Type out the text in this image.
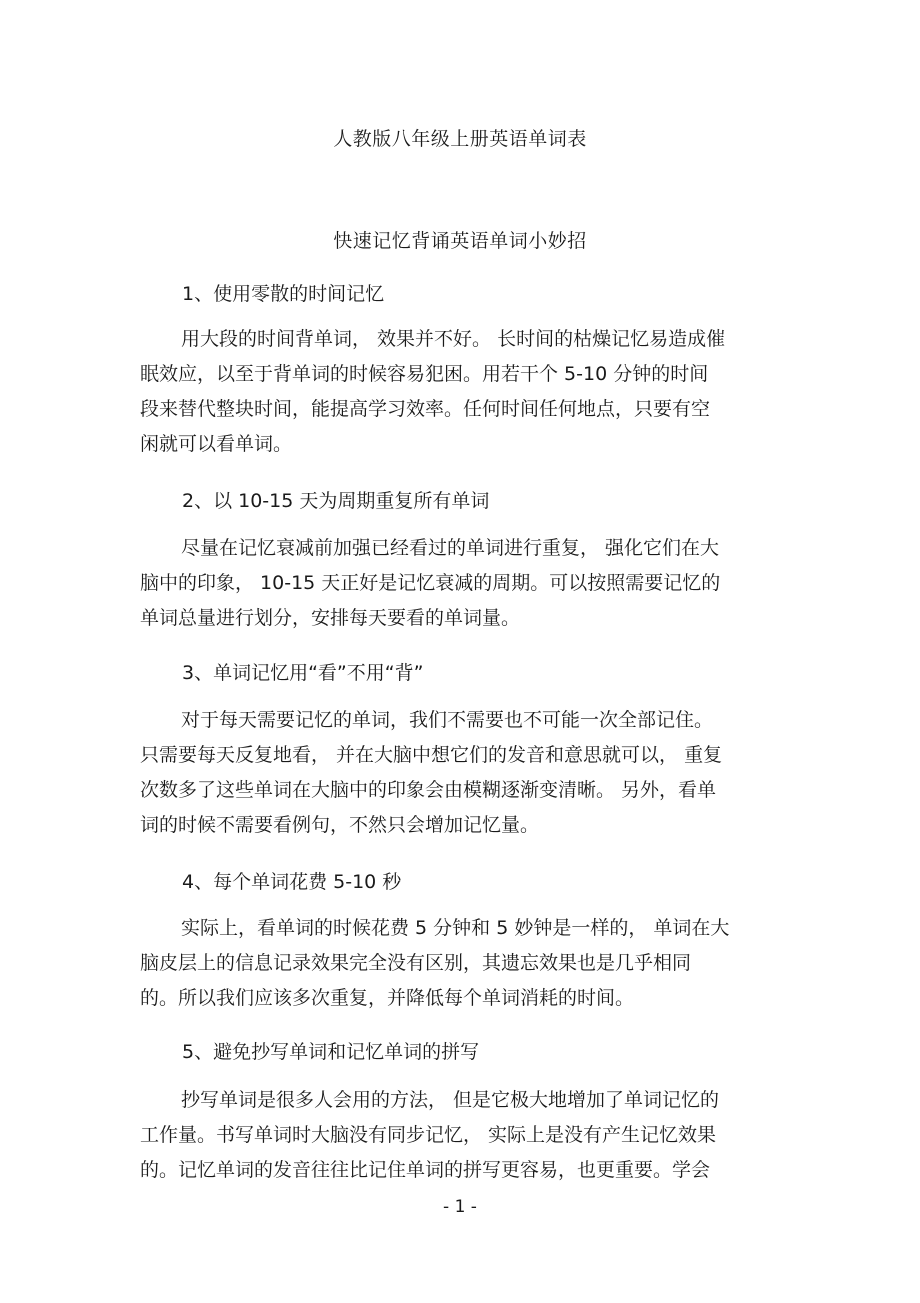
人教版八年级上册英语单词表
快速记忆背诵英语单词小妙招
1、使用零散的时间记忆
用大段的时间背单词， 效果并不好。 长时间的枯燥记忆易造成催
眠效应，以至于背单词的时候容易犯困。用若干个 5-10 分钟的时间
段来替代整块时间，能提高学习效率。任何时间任何地点，只要有空
闲就可以看单词。
2、以 10-15 天为周期重复所有单词
尽量在记忆衰减前加强已经看过的单词进行重复， 强化它们在大
脑中的印象， 10-15 天正好是记忆衰减的周期。可以按照需要记忆的
单词总量进行划分，安排每天要看的单词量。
3、单词记忆用“看”不用“背”
对于每天需要记忆的单词，我们不需要也不可能一次全部记住。
只需要每天反复地看， 并在大脑中想它们的发音和意思就可以， 重复
次数多了这些单词在大脑中的印象会由模糊逐渐变清晰。 另外，看单
词的时候不需要看例句，不然只会增加记忆量。
4、每个单词花费 5-10 秒
实际上，看单词的时候花费 5 分钟和 5 妙钟是一样的， 单词在大
脑皮层上的信息记录效果完全没有区别，其遗忘效果也是几乎相同
的。所以我们应该多次重复，并降低每个单词消耗的时间。
5、避免抄写单词和记忆单词的拼写
抄写单词是很多人会用的方法， 但是它极大地增加了单词记忆的
工作量。书写单词时大脑没有同步记忆， 实际上是没有产生记忆效果
的。记忆单词的发音往往比记住单词的拼写更容易，也更重要。学会
- 1 -
